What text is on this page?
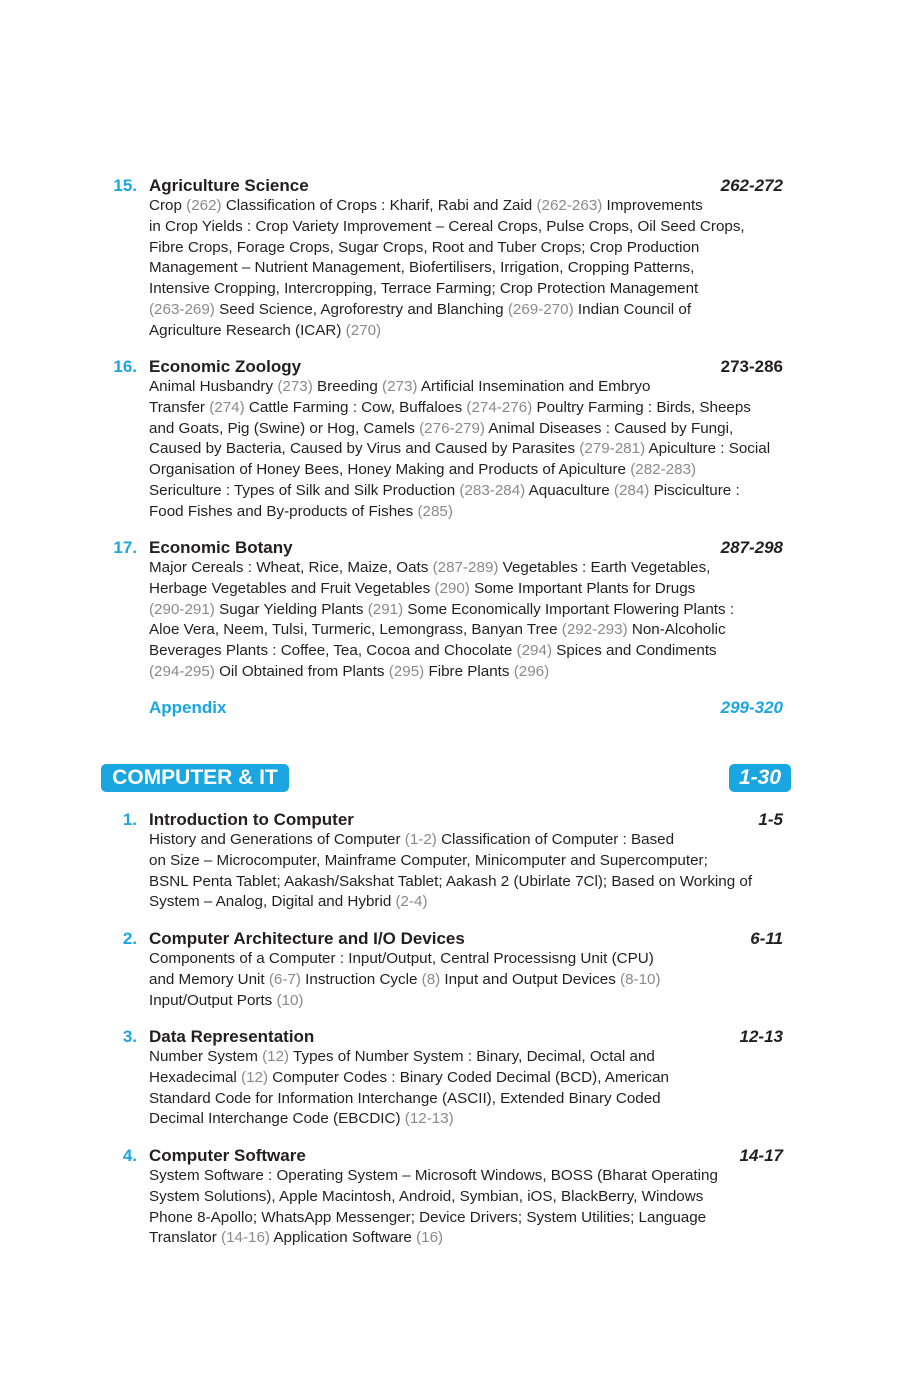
15. Agriculture Science	262-272
Crop (262) Classification of Crops : Kharif, Rabi and Zaid (262-263) Improvements
in Crop Yields : Crop Variety Improvement – Cereal Crops, Pulse Crops, Oil Seed Crops,
Fibre Crops, Forage Crops, Sugar Crops, Root and Tuber Crops; Crop Production
Management – Nutrient Management, Biofertilisers, Irrigation, Cropping Patterns,
Intensive Cropping, Intercropping, Terrace Farming; Crop Protection Management
(263-269) Seed Science, Agroforestry and Blanching (269-270) Indian Council of
Agriculture Research (ICAR) (270)
16. Economic Zoology	273-286
Animal Husbandry (273) Breeding (273) Artificial Insemination and Embryo
Transfer (274) Cattle Farming : Cow, Buffaloes (274-276) Poultry Farming : Birds, Sheeps
and Goats, Pig (Swine) or Hog, Camels (276-279) Animal Diseases : Caused by Fungi,
Caused by Bacteria, Caused by Virus and Caused by Parasites (279-281) Apiculture : Social
Organisation of Honey Bees, Honey Making and Products of Apiculture (282-283)
Sericulture : Types of Silk and Silk Production (283-284) Aquaculture (284) Pisciculture :
Food Fishes and By-products of Fishes (285)
17. Economic Botany	287-298
Major Cereals : Wheat, Rice, Maize, Oats (287-289) Vegetables : Earth Vegetables,
Herbage Vegetables and Fruit Vegetables (290) Some Important Plants for Drugs
(290-291) Sugar Yielding Plants (291) Some Economically Important Flowering Plants :
Aloe Vera, Neem, Tulsi, Turmeric, Lemongrass, Banyan Tree (292-293) Non-Alcoholic
Beverages Plants : Coffee, Tea, Cocoa and Chocolate (294) Spices and Condiments
(294-295) Oil Obtained from Plants (295) Fibre Plants (296)
Appendix	299-320
COMPUTER & IT	1-30
1. Introduction to Computer	1-5
History and Generations of Computer (1-2) Classification of Computer : Based
on Size – Microcomputer, Mainframe Computer, Minicomputer and Supercomputer;
BSNL Penta Tablet; Aakash/Sakshat Tablet; Aakash 2 (Ubirlate 7Cl); Based on Working of
System – Analog, Digital and Hybrid (2-4)
2. Computer Architecture and I/O Devices	6-11
Components of a Computer : Input/Output, Central Processisng Unit (CPU)
and Memory Unit (6-7) Instruction Cycle (8) Input and Output Devices (8-10)
Input/Output Ports (10)
3. Data Representation	12-13
Number System (12) Types of Number System : Binary, Decimal, Octal and
Hexadecimal (12) Computer Codes : Binary Coded Decimal (BCD), American
Standard Code for Information Interchange (ASCII), Extended Binary Coded
Decimal Interchange Code (EBCDIC) (12-13)
4. Computer Software	14-17
System Software : Operating System – Microsoft Windows, BOSS (Bharat Operating
System Solutions), Apple Macintosh, Android, Symbian, iOS, BlackBerry, Windows
Phone 8-Apollo; WhatsApp Messenger; Device Drivers; System Utilities; Language
Translator (14-16) Application Software (16)
